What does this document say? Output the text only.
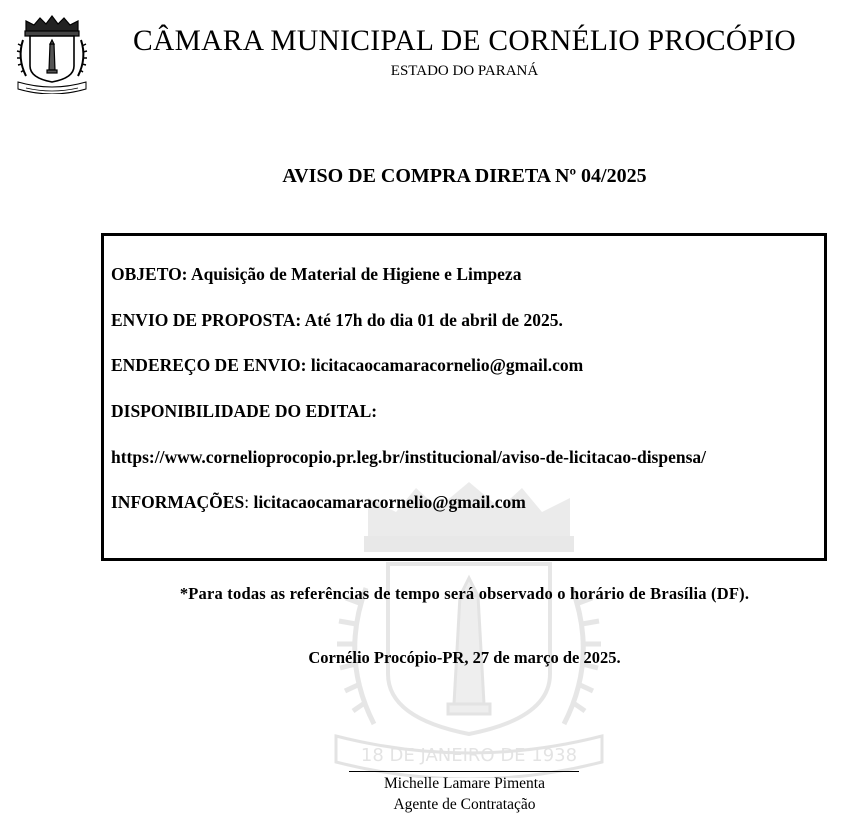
18 DE JANEIRO DE 1938
CÂMARA MUNICIPAL DE CORNÉLIO PROCÓPIO
ESTADO DO PARANÁ
AVISO DE COMPRA DIRETA Nº 04/2025
OBJETO: Aquisição de Material de Higiene e Limpeza
ENVIO DE PROPOSTA: Até 17h do dia 01 de abril de 2025.
ENDEREÇO DE ENVIO: licitacaocamaracornelio@gmail.com
DISPONIBILIDADE DO EDITAL:
https://www.cornelioprocopio.pr.leg.br/institucional/aviso-de-licitacao-dispensa/
INFORMAÇÕES: licitacaocamaracornelio@gmail.com
*Para todas as referências de tempo será observado o horário de Brasília (DF).
Cornélio Procópio-PR, 27 de março de 2025.
Michelle Lamare Pimenta
Agente de Contratação
